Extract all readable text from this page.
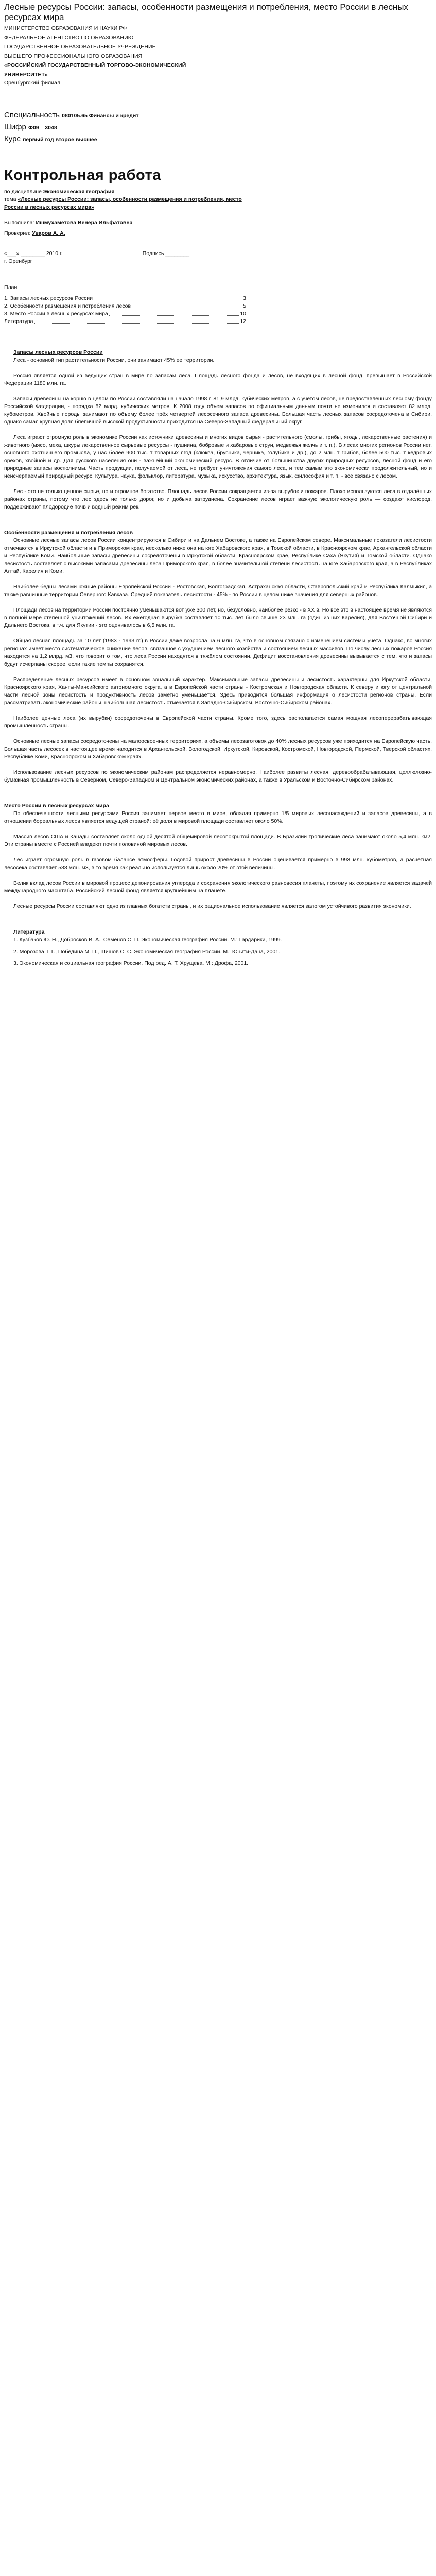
Лесные ресурсы России: запасы, особенности размещения и потребления, место России в лесных ресурсах мира
МИНИСТЕРСТВО ОБРАЗОВАНИЯ И НАУКИ РФ
ФЕДЕРАЛЬНОЕ АГЕНТСТВО ПО ОБРАЗОВАНИЮ
ГОСУДАРСТВЕННОЕ ОБРАЗОВАТЕЛЬНОЕ УЧРЕЖДЕНИЕ
ВЫСШЕГО ПРОФЕССИОНАЛЬНОГО ОБРАЗОВАНИЯ
«РОССИЙСКИЙ ГОСУДАРСТВЕННЫЙ ТОРГОВО-ЭКОНОМИЧЕСКИЙ УНИВЕРСИТЕТ»
Оренбургский филиал
Специальность 080105.65 Финансы и кредит
Шифр Ф09 – 3048
Курс первый год второе высшее
Контрольная работа
по дисциплине Экономическая география
тема «Лесные ресурсы России: запасы, особенности размещения и потребления, место России в лесных ресурсах мира»
Выполнила: Ишмухаметова Венера Ильфатовна
Проверил: Уваров А. А.
«___» ________ 2010 г.	Подпись ________
г. Оренбург
План
1. Запасы лесных ресурсов России	3
2. Особенности размещения и потребления лесов	5
3. Место России в лесных ресурсах мира	10
Литература	12
Запасы лесных ресурсов России

Леса - основной тип растительности России, они занимают 45% ее территории.

Россия является одной из ведущих стран в мире по запасам леса. Площадь лесного фонда и лесов, не входящих в лесной фонд, превышает в Российской Федерации 1180 млн. га.

Запасы древесины на корню в целом по России составляли на начало 1998 г. 81,9 млрд. кубических метров, а с учетом лесов, не предоставленных лесному фонду Российской Федерации, - порядка 82 млрд. кубических метров. К 2008 году объем запасов по официальным данным почти не изменился и составляет 82 млрд. кубометров. Хвойные породы занимают по объему более трёх четвертей лесосечного запаса древесины. Большая часть лесных запасов сосредоточена в Сибири, однако самая крупная доля бпепичной высокой продуктивности приходится на Северо-Западный федеральный округ.

Леса играют огромную роль в экономике России как источники древесины и многих видов сырья - растительного (смолы, грибы, ягоды, лекарственные растения) и животного (мясо, меха, шкуры лекарственное сырьевые ресурсы - пушнина, бобровые и хабаровые струи, медвежья желчь и т. п.). В лесах многих регионов России нет, основного охотничьего промысла, у нас более 900 тыс. т товарных ягод (клюква, брусника, черника, голубика и др.), до 2 млн. т грибов, более 500 тыс. т кедровых орехов, хвойной и др. Для русского населения они - важнейший экономический ресурс. В отличие от большинства других природных ресурсов, лесной фонд и его природные запасы восполнимы. Часть продукции, получаемой от леса, не требует уничтожения самого леса, и тем самым это экономически продолжительный, но и неисчерпаемый природный ресурс. Культура, наука, фольклор, литература, музыка, искусство, архитектура, язык, философия и т. п. - все связано с лесом.

Лес - это не только ценное сырьё, но и огромное богатство. Площадь лесов России сокращается из-за вырубок и пожаров. Плохо используются леса в отдалённых районах страны, потому что лес здесь не только дорог, но и добыча затруднена. Сохранение лесов играет важную экологическую роль — создают кислород, поддерживают плодородие почв и водный режим рек.

Особенности размещения и потребления лесов

Основные лесные запасы лесов России концентрируются в Сибири и на Дальнем Востоке, а также на Европейском севере. Максимальные показатели лесистости отмечаются в Иркутской области и в Приморском крае, несколько ниже она на юге Хабаровского края, в Томской области, в Красноярском крае, Архангельской области и Республике Коми. Наибольшие запасы древесины сосредоточены в Иркутской области, Красноярском крае, Республике Саха (Якутия) и Томской области. Однако лесистость составляет с высокими запасами древесины леса Приморского края, в более значительной степени лесистость на юге Хабаровского края, а в Республиках Алтай, Карелия и Коми.

Наиболее бедны лесами южные районы Европейской России - Ростовская, Волгоградская, Астраханская области, Ставропольский край и Республика Калмыкия, а также равнинные территории Северного Кавказа. Средний показатель лесистости - 45% - по России в целом ниже значения для северных районов.

Площади лесов на территории России постоянно уменьшаются вот уже 300 лет, но, безусловно, наиболее резко - в XX в. Но все это в настоящее время не являются в полной мере степенной уничтожений лесов. Их ежегодная вырубка составляет 10 тыс. лет было свыше 23 млн. га (один из них Карелия), для Восточной Сибири и Дальнего Востока, в т.ч. для Якутии - это оценивалось в 6,5 млн. га.

Общая лесная площадь за 10 лет (1983 - 1993 гг.) в России даже возросла на 6 млн. га, что в основном связано с изменением системы учета. Однако, во многих регионах имеет место систематическое снижение лесов, связанное с ухудшением лесного хозяйства и состоянием лесных массивов. По числу лесных пожаров Россия находится на 1,2 млрд. м3, что говорит о том, что леса России находятся в тяжёлом состоянии. Дефицит восстановления древесины вызывается с тем, что и запасы будут исчерпаны скорее, если такие темпы сохранятся.

Распределение лесных ресурсов имеет в основном зональный характер. Максимальные запасы древесины и лесистость характерны для Иркутской области, Красноярского края, Ханты-Мансийского автономного округа, а в Европейской части страны - Костромская и Новгородская области. К северу и югу от центральной части лесной зоны лесистость и продуктивность лесов заметно уменьшается. Здесь приводится большая информация о лесистости регионов страны. Если рассматривать экономические районы, наибольшая лесистость отмечается в Западно-Сибирском, Восточно-Сибирском районах.

Наиболее ценные леса (их вырубки) сосредоточены в Европейской части страны. Кроме того, здесь располагается самая мощная лесоперерабатывающая промышленность страны.

Основные лесные запасы сосредоточены на малоосвоенных территориях, а объемы лесозаготовок до 40% лесных ресурсов уже приходится на Европейскую часть. Большая часть лесосек в настоящее время находится в Архангельской, Вологодской, Иркутской, Кировской, Костромской, Новгородской, Пермской, Тверской областях, Республике Коми, Красноярском и Хабаровском краях.

Использование лесных ресурсов по экономическим районам распределяется неравномерно. Наиболее развиты лесная, деревообрабатывающая, целлюлозно-бумажная промышленность в Северном, Северо-Западном и Центральном экономических районах, а также в Уральском и Восточно-Сибирском районах.

Место России в лесных ресурсах мира

По обеспеченности лесными ресурсами Россия занимает первое место в мире, обладая примерно 1/5 мировых лесонасаждений и запасов древесины, а в отношении бореальных лесов является ведущей страной: её доля в мировой площади составляет около 50%.

Массив лесов США и Канады составляет около одной десятой общемировой лесопокрытой площади. В Бразилии тропические леса занимают около 5,4 млн. км2. Эти страны вместе с Россией владеют почти половиной мировых лесов.

Лес играет огромную роль в газовом балансе атмосферы. Годовой прирост древесины в России оценивается примерно в 993 млн. кубометров, а расчётная лесосека составляет 538 млн. м3, в то время как реально используется лишь около 20% от этой величины.

Велик вклад лесов России в мировой процесс депонирования углерода и сохранения экологического равновесия планеты, поэтому их сохранение является задачей международного масштаба. Российский лесной фонд является крупнейшим на планете.

Лесные ресурсы России составляют одно из главных богатств страны, и их рациональное использование является залогом устойчивого развития экономики.

Литература

1. Кузбаков Ю. Н., Добросков В. А., Семенов С. П. Экономическая география России. М.: Гардарики, 1999.

2. Морозова Т. Г., Победина М. П., Шишов С. С. Экономическая география России. М.: Юнити-Дана, 2001.

3. Экономическая и социальная география России. Под ред. А. Т. Хрущева. М.: Дрофа, 2001.
